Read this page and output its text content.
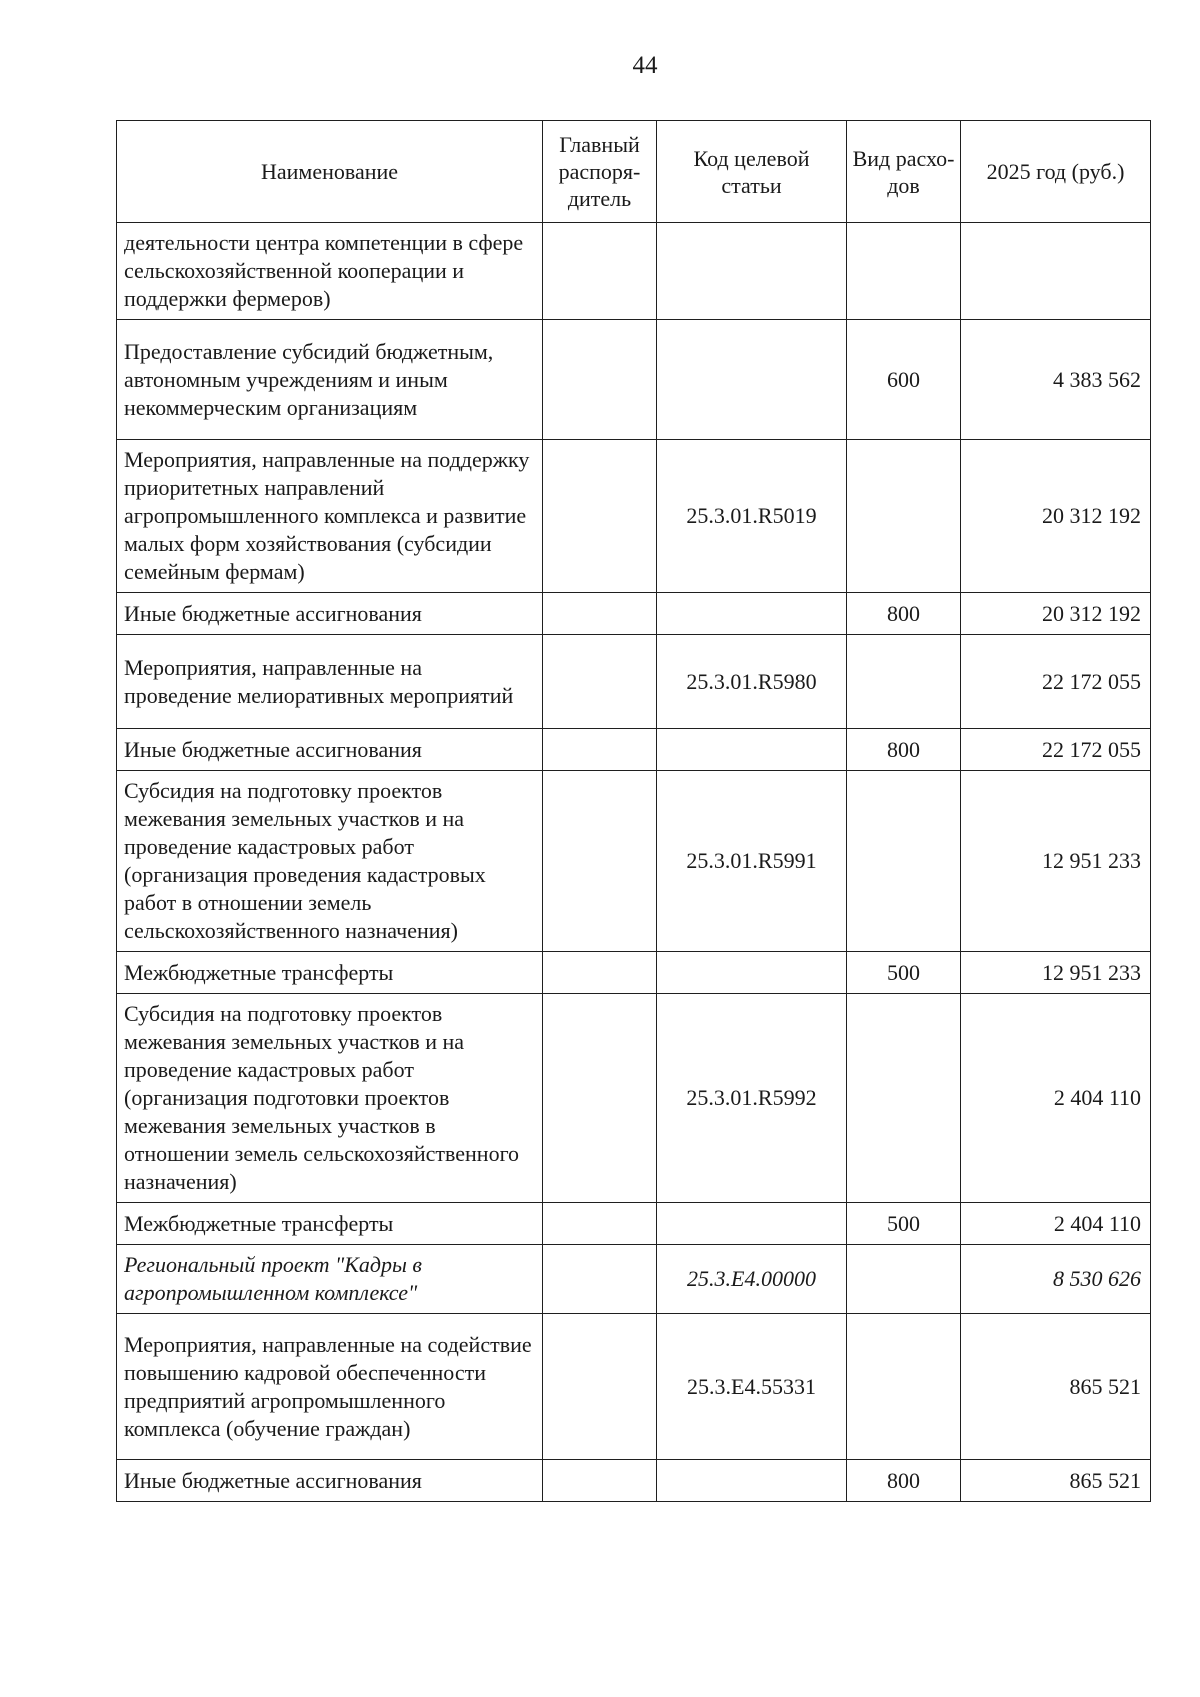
44
Наименование	Главный распоря-дитель	Код целевой статьи	Вид расхо-дов	2025 год (руб.)
деятельности центра компетенции в сфере сельскохозяйственной кооперации и поддержки фермеров)				
Предоставление субсидий бюджетным, автономным учреждениям и иным некоммерческим организациям			600	4 383 562
Мероприятия, направленные на поддержку приоритетных направлений агропромышленного комплекса и развитие малых форм хозяйствования (субсидии семейным фермам)		25.3.01.R5019		20 312 192
Иные бюджетные ассигнования			800	20 312 192
Мероприятия, направленные на проведение мелиоративных мероприятий		25.3.01.R5980		22 172 055
Иные бюджетные ассигнования			800	22 172 055
Субсидия на подготовку проектов межевания земельных участков и на проведение кадастровых работ (организация проведения кадастровых работ в отношении земель сельскохозяйственного назначения)		25.3.01.R5991		12 951 233
Межбюджетные трансферты			500	12 951 233
Субсидия на подготовку проектов межевания земельных участков и на проведение кадастровых работ (организация подготовки проектов межевания земельных участков в отношении земель сельскохозяйственного назначения)		25.3.01.R5992		2 404 110
Межбюджетные трансферты			500	2 404 110
Региональный проект "Кадры в агропромышленном комплексе"		25.3.Е4.00000		8 530 626
Мероприятия, направленные на содействие повышению кадровой обеспеченности предприятий агропромышленного комплекса (обучение граждан)		25.3.Е4.55331		865 521
Иные бюджетные ассигнования			800	865 521
